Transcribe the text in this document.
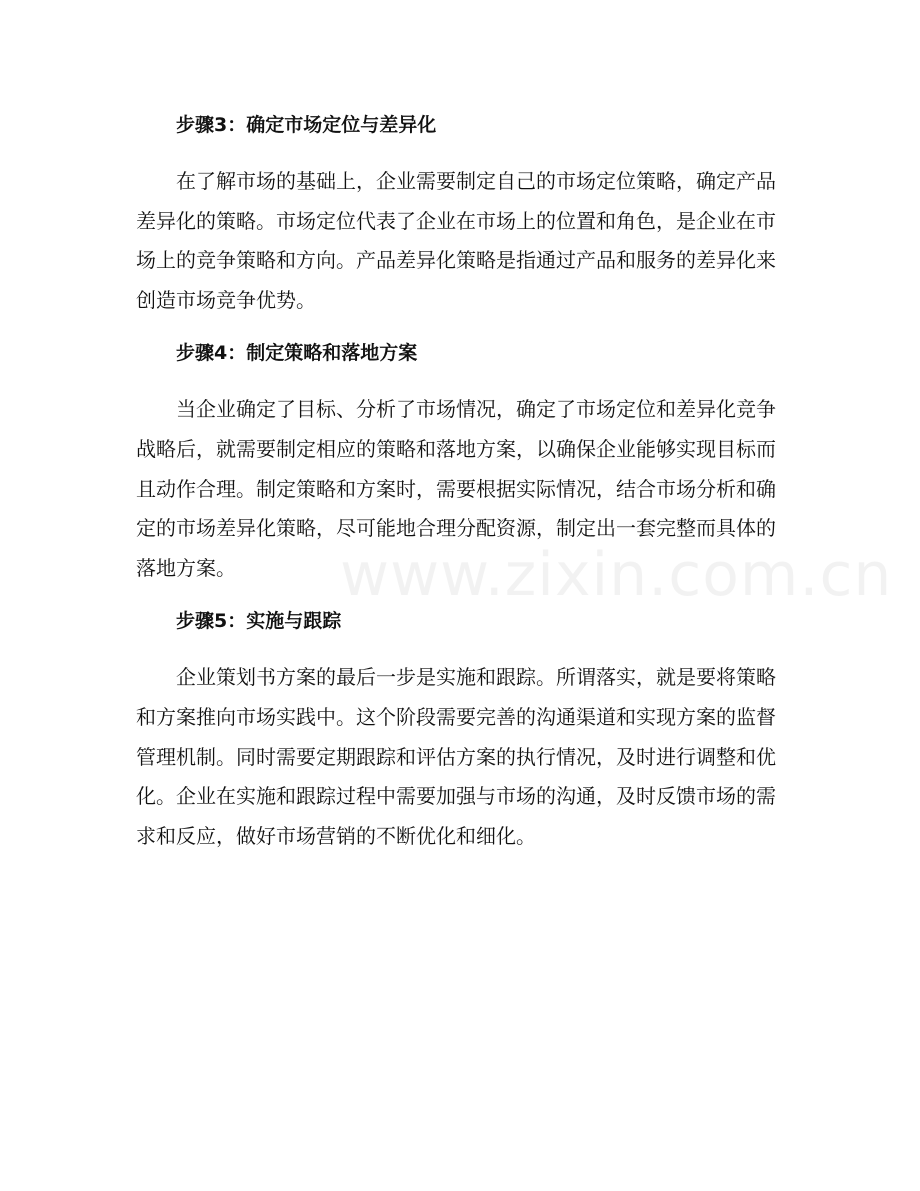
www.zixin.com.cn
步骤3：确定市场定位与差异化

在了解市场的基础上，企业需要制定自己的市场定位策略，确定产品差异化的策略。市场定位代表了企业在市场上的位置和角色，是企业在市场上的竞争策略和方向。产品差异化策略是指通过产品和服务的差异化来创造市场竞争优势。

步骤4：制定策略和落地方案

当企业确定了目标、分析了市场情况，确定了市场定位和差异化竞争战略后，就需要制定相应的策略和落地方案，以确保企业能够实现目标而且动作合理。制定策略和方案时，需要根据实际情况，结合市场分析和确定的市场差异化策略，尽可能地合理分配资源，制定出一套完整而具体的落地方案。

步骤5：实施与跟踪

企业策划书方案的最后一步是实施和跟踪。所谓落实，就是要将策略和方案推向市场实践中。这个阶段需要完善的沟通渠道和实现方案的监督管理机制。同时需要定期跟踪和评估方案的执行情况，及时进行调整和优化。企业在实施和跟踪过程中需要加强与市场的沟通，及时反馈市场的需求和反应，做好市场营销的不断优化和细化。
